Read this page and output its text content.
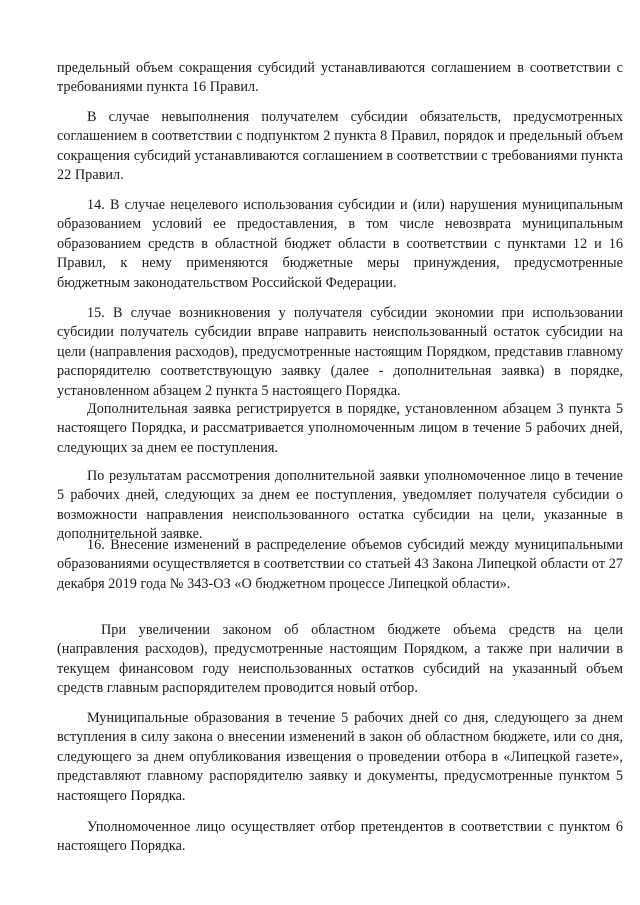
предельный объем сокращения субсидий устанавливаются соглашением в соответствии с требованиями пункта 16 Правил.

В случае невыполнения получателем субсидии обязательств, предусмотренных соглашением в соответствии с подпунктом 2 пункта 8 Правил, порядок и предельный объем сокращения субсидий устанавливаются соглашением в соответствии с требованиями пункта 22 Правил.

14. В случае нецелевого использования субсидии и (или) нарушения муниципальным образованием условий ее предоставления, в том числе невозврата муниципальным образованием средств в областной бюджет области в соответствии с пунктами 12 и 16 Правил, к нему применяются бюджетные меры принуждения, предусмотренные бюджетным законодательством Российской Федерации.

15. В случае возникновения у получателя субсидии экономии при использовании субсидии получатель субсидии вправе направить неиспользованный остаток субсидии на цели (направления расходов), предусмотренные настоящим Порядком, представив главному распорядителю соответствующую заявку (далее - дополнительная заявка) в порядке, установленном абзацем 2 пункта 5 настоящего Порядка.

Дополнительная заявка регистрируется в порядке, установленном абзацем 3 пункта 5 настоящего Порядка, и рассматривается уполномоченным лицом в течение 5 рабочих дней, следующих за днем ее поступления.

По результатам рассмотрения дополнительной заявки уполномоченное лицо в течение 5 рабочих дней, следующих за днем ее поступления, уведомляет получателя субсидии о возможности направления неиспользованного остатка субсидии на цели, указанные в дополнительной заявке.

16. Внесение изменений в распределение объемов субсидий между муниципальными образованиями осуществляется в соответствии со статьей 43 Закона Липецкой области от 27 декабря 2019 года № 343-ОЗ «О бюджетном процессе Липецкой области».

При увеличении законом об областном бюджете объема средств на цели (направления расходов), предусмотренные настоящим Порядком, а также при наличии в текущем финансовом году неиспользованных остатков субсидий на указанный объем средств главным распорядителем проводится новый отбор.

Муниципальные образования в течение 5 рабочих дней со дня, следующего за днем вступления в силу закона о внесении изменений в закон об областном бюджете, или со дня, следующего за днем опубликования извещения о проведении отбора в «Липецкой газете», представляют главному распорядителю заявку и документы, предусмотренные пунктом 5 настоящего Порядка.

Уполномоченное лицо осуществляет отбор претендентов в соответствии с пунктом 6 настоящего Порядка.
